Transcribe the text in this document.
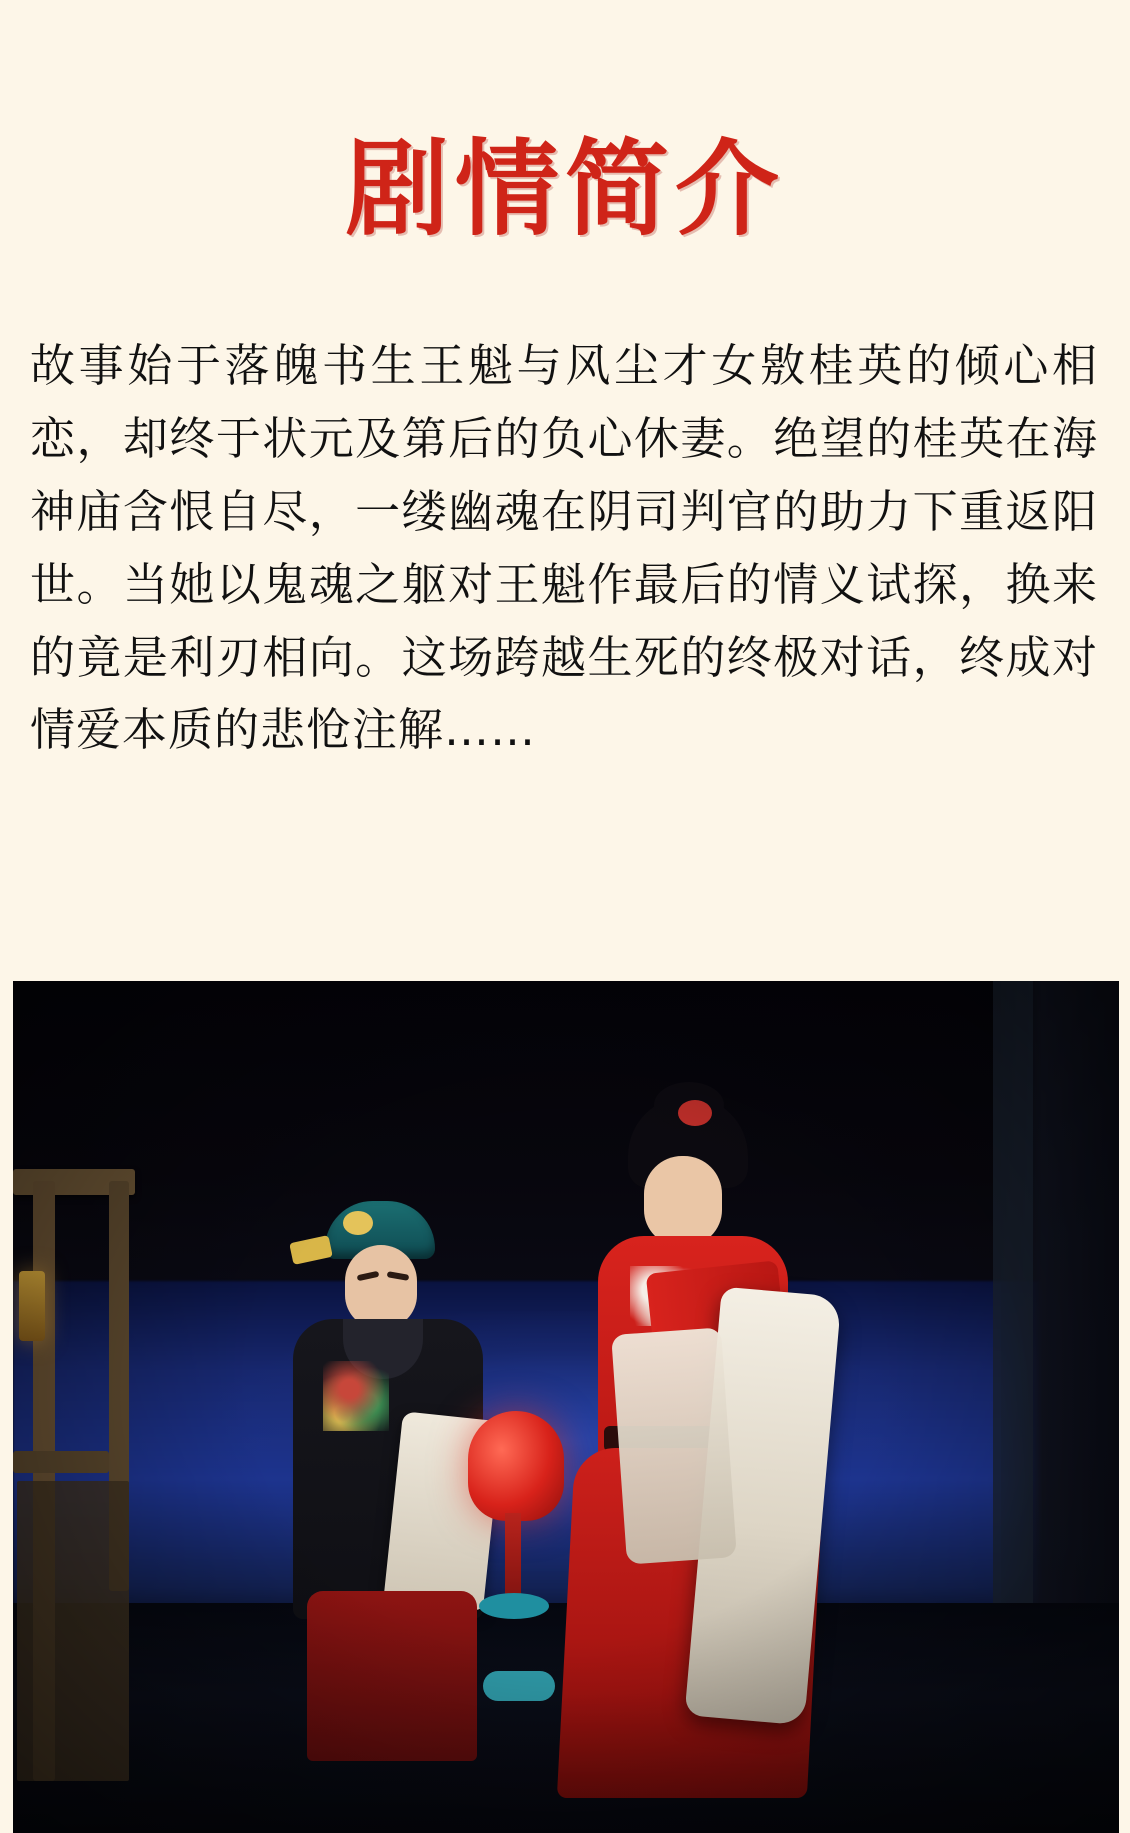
剧情简介

故事始于落魄书生王魁与风尘才女敫桂英的倾心相恋，却终于状元及第后的负心休妻。绝望的桂英在海神庙含恨自尽，一缕幽魂在阴司判官的助力下重返阳世。当她以鬼魂之躯对王魁作最后的情义试探，换来的竟是利刃相向。这场跨越生死的终极对话，终成对情爱本质的悲怆注解……
